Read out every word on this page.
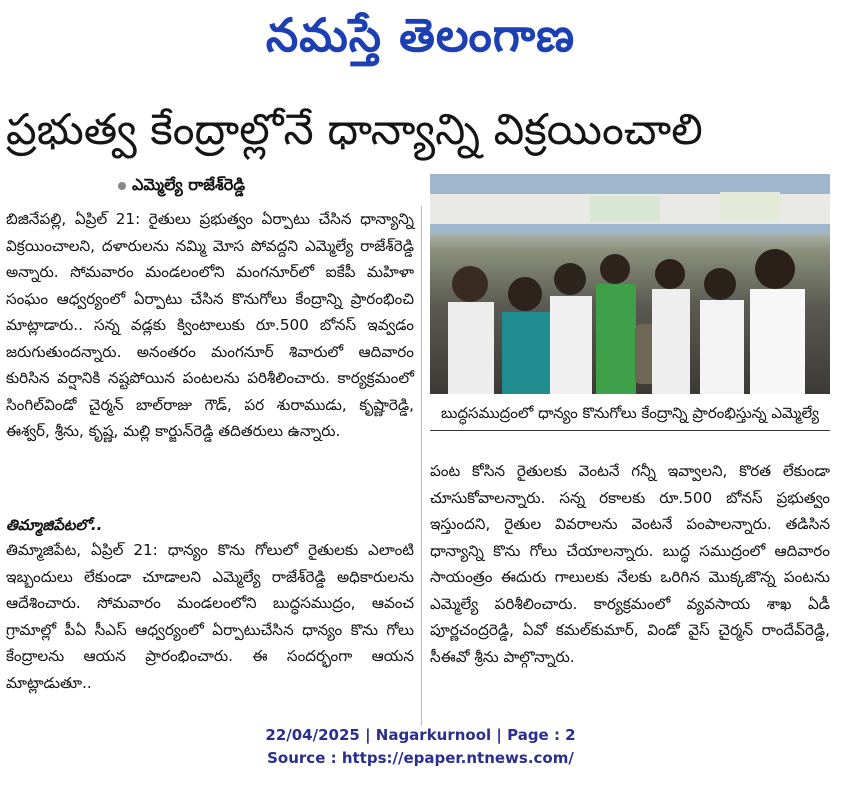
నమస్తే తెలంగాణ
ప్రభుత్వ కేంద్రాల్లోనే ధాన్యాన్ని విక్రయించాలి
ఎమ్మెల్యే రాజేశ్‌రెడ్డి

బిజినేపల్లి, ఏప్రిల్ 21: రైతులు ప్రభుత్వం ఏర్పాటు చేసిన ధాన్యాన్ని విక్రయించాలని, దళారులను నమ్మి మోస పోవద్దని ఎమ్మెల్యే రాజేశ్‌రెడ్డి అన్నారు. సోమవారం మండలంలోని మంగనూర్‌లో ఐకేపీ మహిళా సంఘం ఆధ్వర్యంలో ఏర్పాటు చేసిన కొనుగోలు కేంద్రాన్ని ప్రారంభించి మాట్లాడారు.. సన్న వడ్లకు క్వింటాలుకు రూ.500 బోనస్ ఇవ్వడం జరుగుతుందన్నారు. అనంతరం మంగనూర్ శివారులో ఆదివారం కురిసిన వర్షానికి నష్టపోయిన పంటలను పరిశీలించారు. కార్యక్రమంలో సింగిల్‌విండో చైర్మన్ బాల్‌రాజు గౌడ్, పర శురాముడు, కృష్ణారెడ్డి, ఈశ్వర్, శ్రీను, కృష్ణ, మల్లి కార్జున్‌రెడ్డి తదితరులు ఉన్నారు.

తిమ్మాజిపేటలో..

తిమ్మాజిపేట, ఏప్రిల్ 21: ధాన్యం కొను గోలులో రైతులకు ఎలాంటి ఇబ్బందులు లేకుండా చూడాలని ఎమ్మెల్యే రాజేశ్‌రెడ్డి అధికారులను ఆదేశించారు. సోమవారం మండలంలోని బుద్ధసముద్రం, ఆవంచ గ్రామాల్లో పీఏ సీఎస్ ఆధ్వర్యంలో ఏర్పాటుచేసిన ధాన్యం కొను గోలు కేంద్రాలను ఆయన ప్రారంభించారు. ఈ సందర్భంగా ఆయన మాట్లాడుతూ..

బుద్ధసముద్రంలో ధాన్యం కొనుగోలు కేంద్రాన్ని ప్రారంభిస్తున్న ఎమ్మెల్యే

పంట కోసిన రైతులకు వెంటనే గన్నీ ఇవ్వాలని, కొరత లేకుండా చూసుకోవాలన్నారు. సన్న రకాలకు రూ.500 బోనస్ ప్రభుత్వం ఇస్తుందని, రైతుల వివరాలను వెంటనే పంపాలన్నారు. తడిసిన ధాన్యాన్ని కొను గోలు చేయాలన్నారు. బుద్ధ సముద్రంలో ఆదివారం సాయంత్రం ఈదురు గాలులకు నేలకు ఒరిగిన మొక్కజొన్న పంటను ఎమ్మెల్యే పరిశీలించారు. కార్యక్రమంలో వ్యవసాయ శాఖ ఏడీ పూర్ణచంద్రరెడ్డి, ఏవో కమల్‌కుమార్, విండో వైస్ చైర్మన్ రాందేవ్‌రెడ్డి, సీఈవో శ్రీను పాల్గొన్నారు.

22/04/2025 | Nagarkurnool | Page : 2
Source : https://epaper.ntnews.com/
